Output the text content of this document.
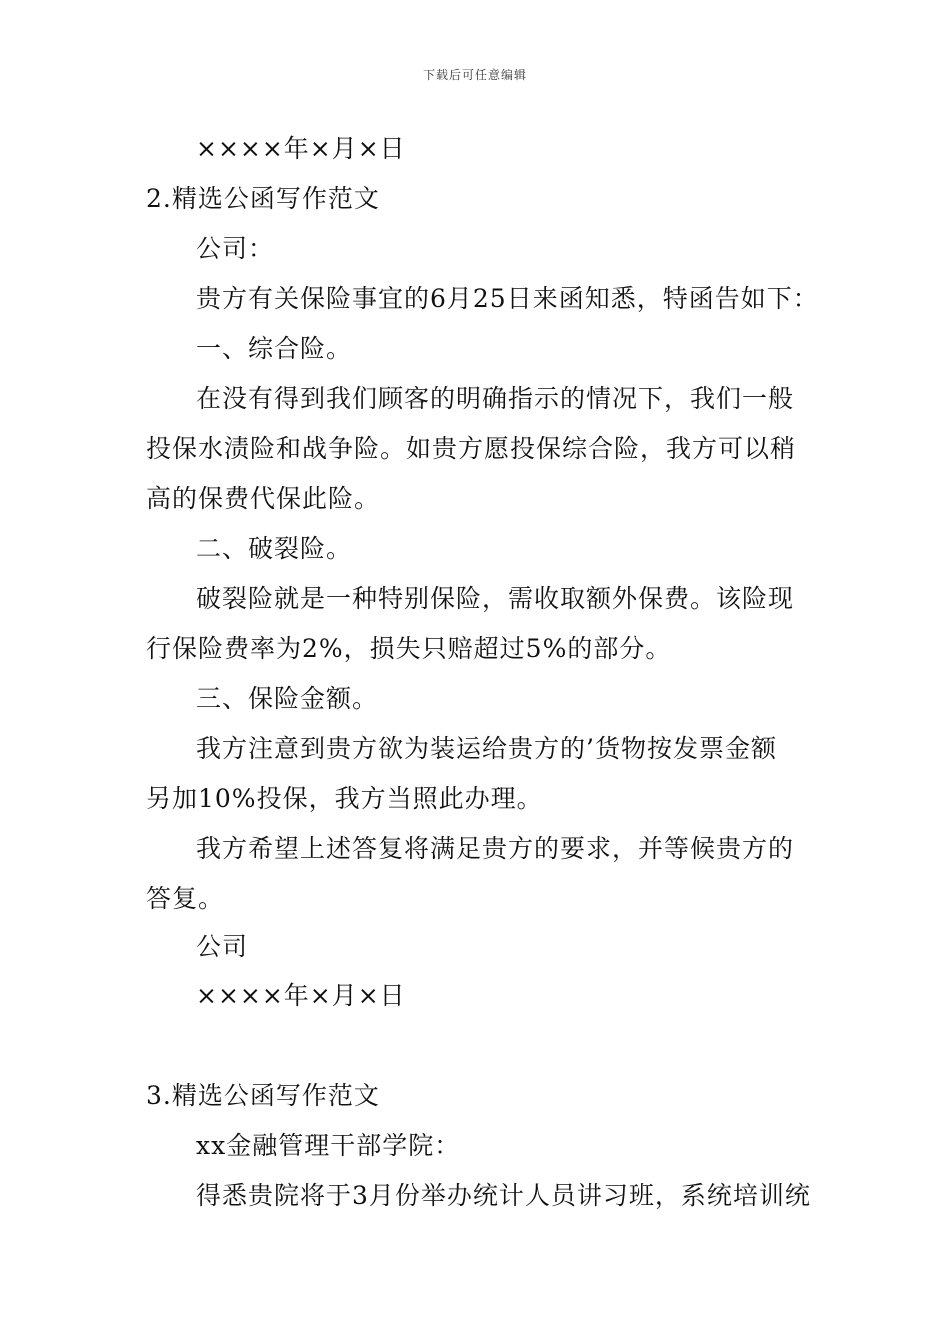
下载后可任意编辑
××××年×月×日
2.精选公函写作范文
公司：
贵方有关保险事宜的6月25日来函知悉，特函告如下：
一、综合险。
在没有得到我们顾客的明确指示的情况下，我们一般
投保水渍险和战争险。如贵方愿投保综合险，我方可以稍
高的保费代保此险。
二、破裂险。
破裂险就是一种特别保险，需收取额外保费。该险现
行保险费率为2%，损失只赔超过5%的部分。
三、保险金额。
我方注意到贵方欲为装运给贵方的’货物按发票金额
另加10%投保，我方当照此办理。
我方希望上述答复将满足贵方的要求，并等候贵方的
答复。
公司
××××年×月×日
3.精选公函写作范文
xx金融管理干部学院：
得悉贵院将于3月份举办统计人员讲习班，系统培训统
